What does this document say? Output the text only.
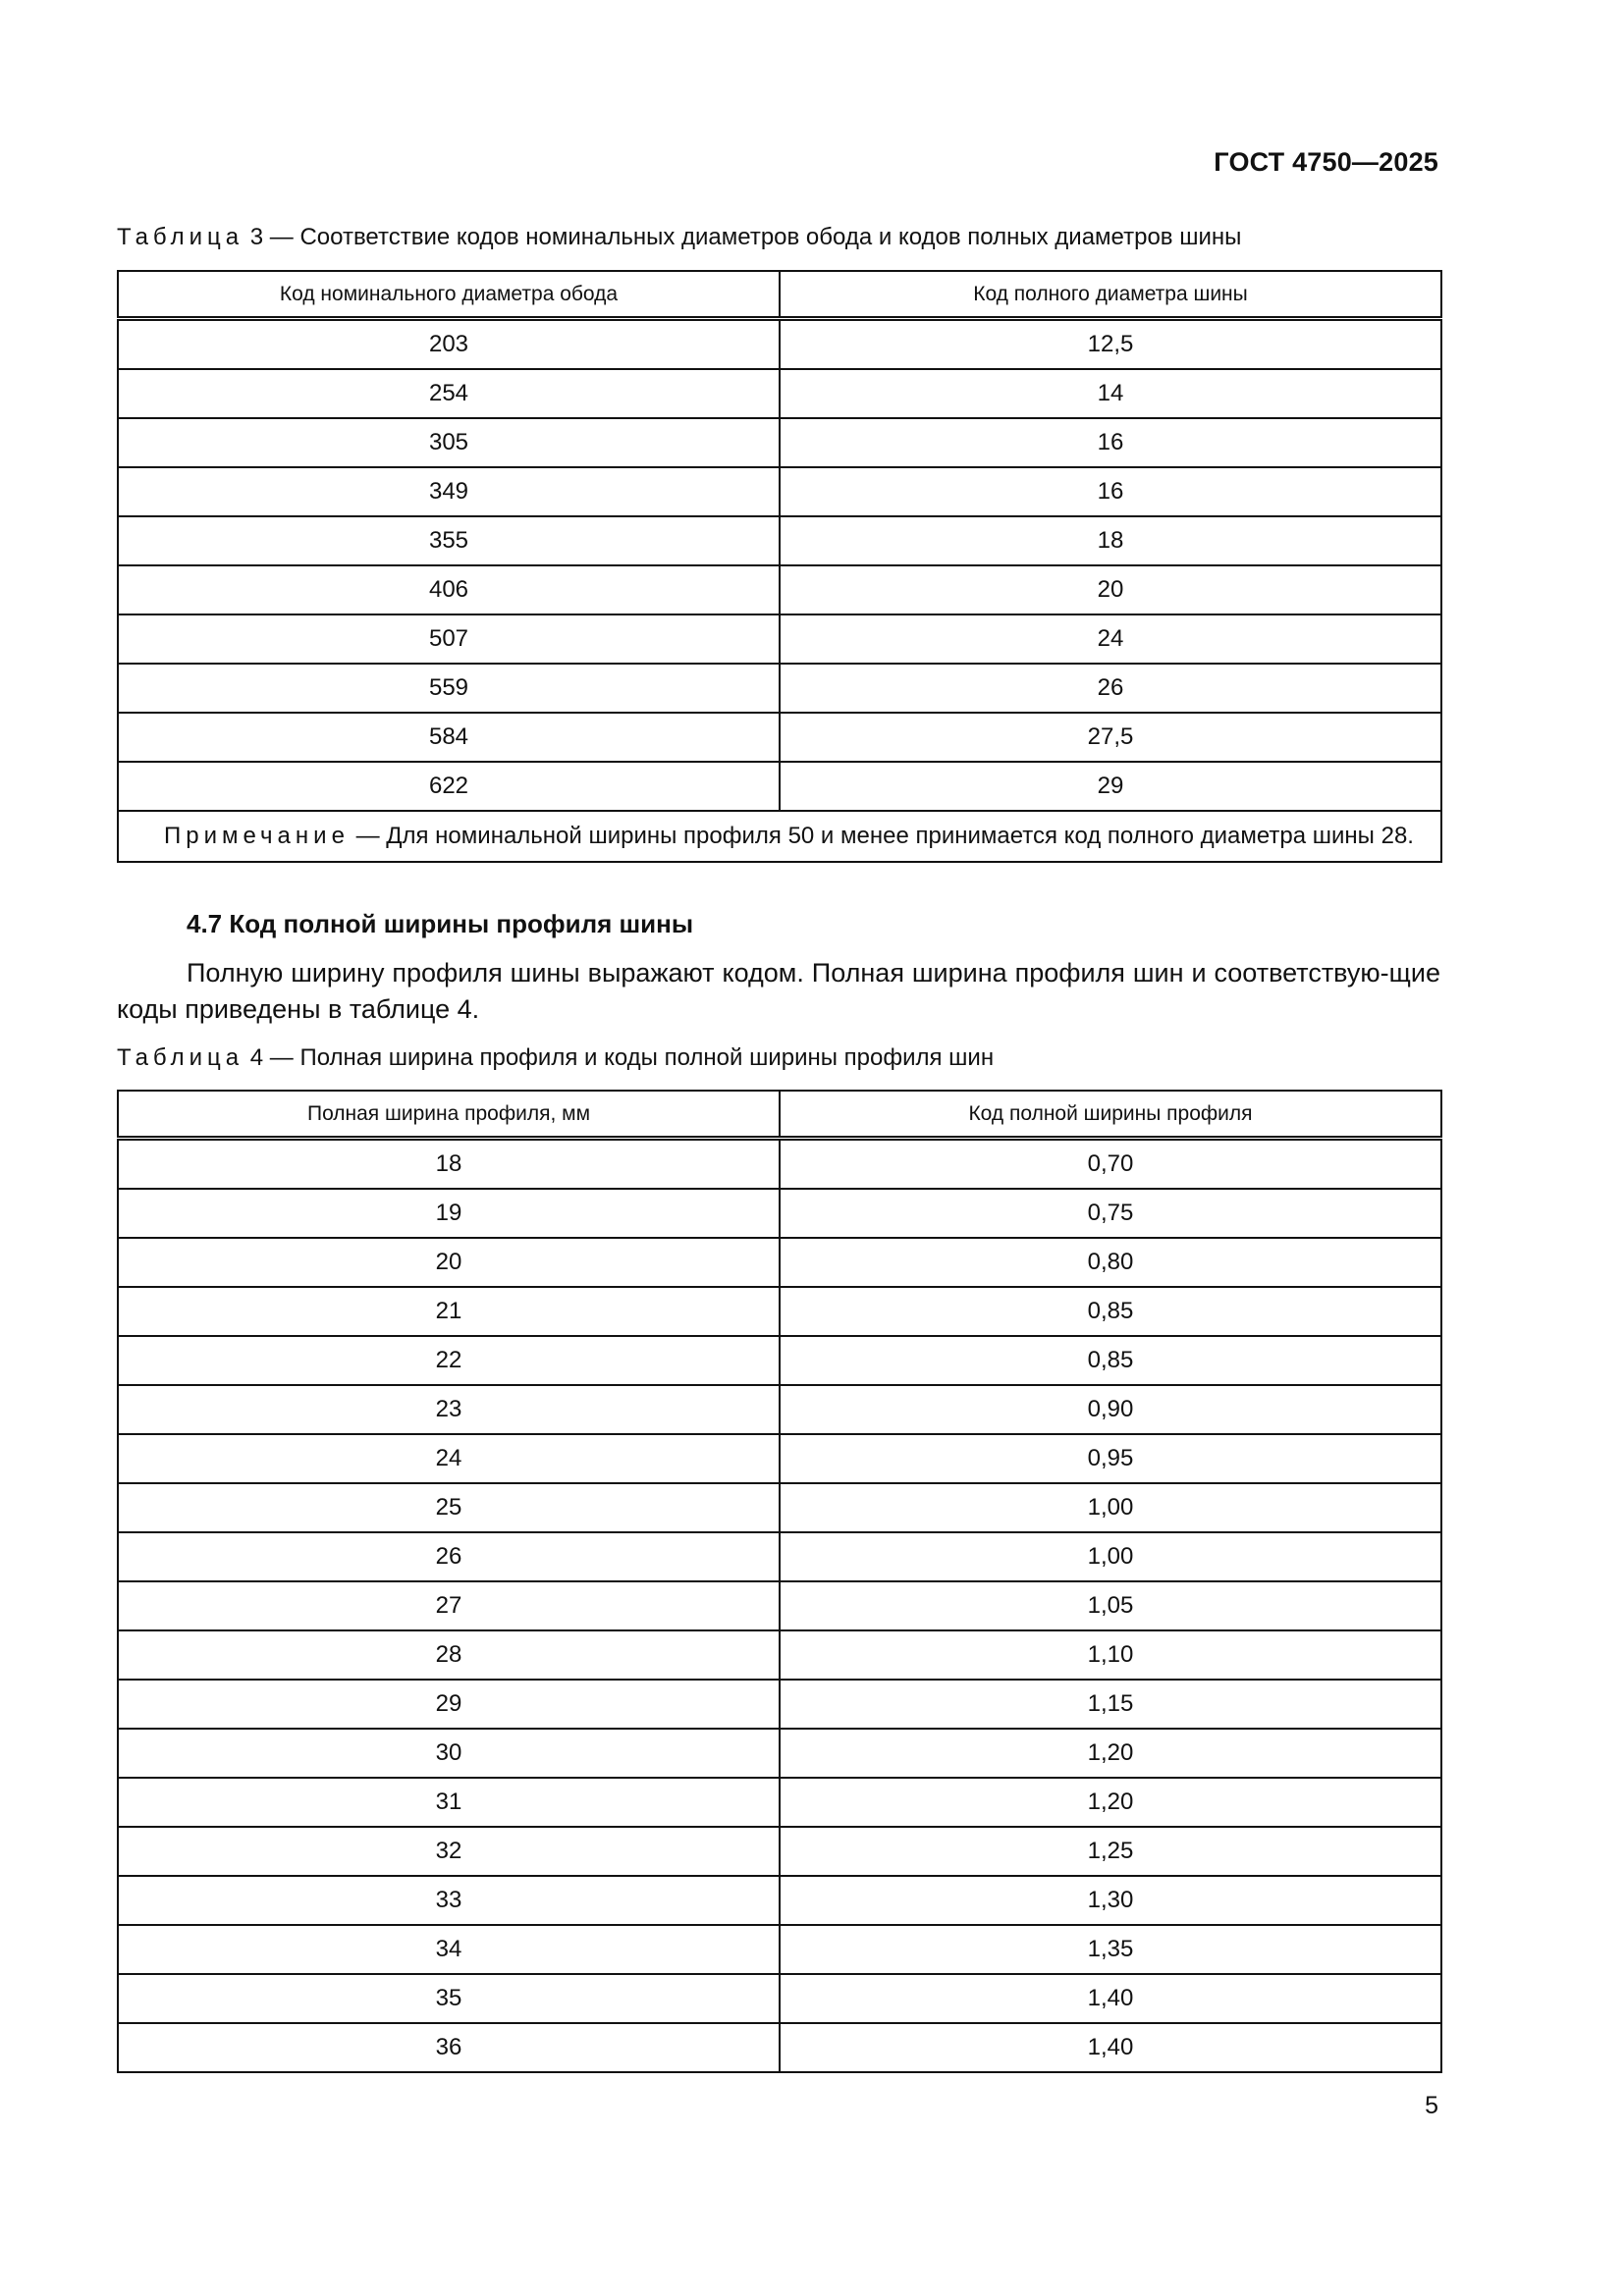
ГОСТ 4750—2025
Таблица 3 — Соответствие кодов номинальных диаметров обода и кодов полных диаметров шины
Код номинального диаметра обода	Код полного диаметра шины
203	12,5
254	14
305	16
349	16
355	18
406	20
507	24
559	26
584	27,5
622	29
Примечание — Для номинальной ширины профиля 50 и менее принимается код полного диаметра шины 28.	
4.7 Код полной ширины профиля шины
Полную ширину профиля шины выражают кодом. Полная ширина профиля шин и соответствую-щие коды приведены в таблице 4.
Таблица 4 — Полная ширина профиля и коды полной ширины профиля шин
Полная ширина профиля, мм	Код полной ширины профиля
18	0,70
19	0,75
20	0,80
21	0,85
22	0,85
23	0,90
24	0,95
25	1,00
26	1,00
27	1,05
28	1,10
29	1,15
30	1,20
31	1,20
32	1,25
33	1,30
34	1,35
35	1,40
36	1,40
5
